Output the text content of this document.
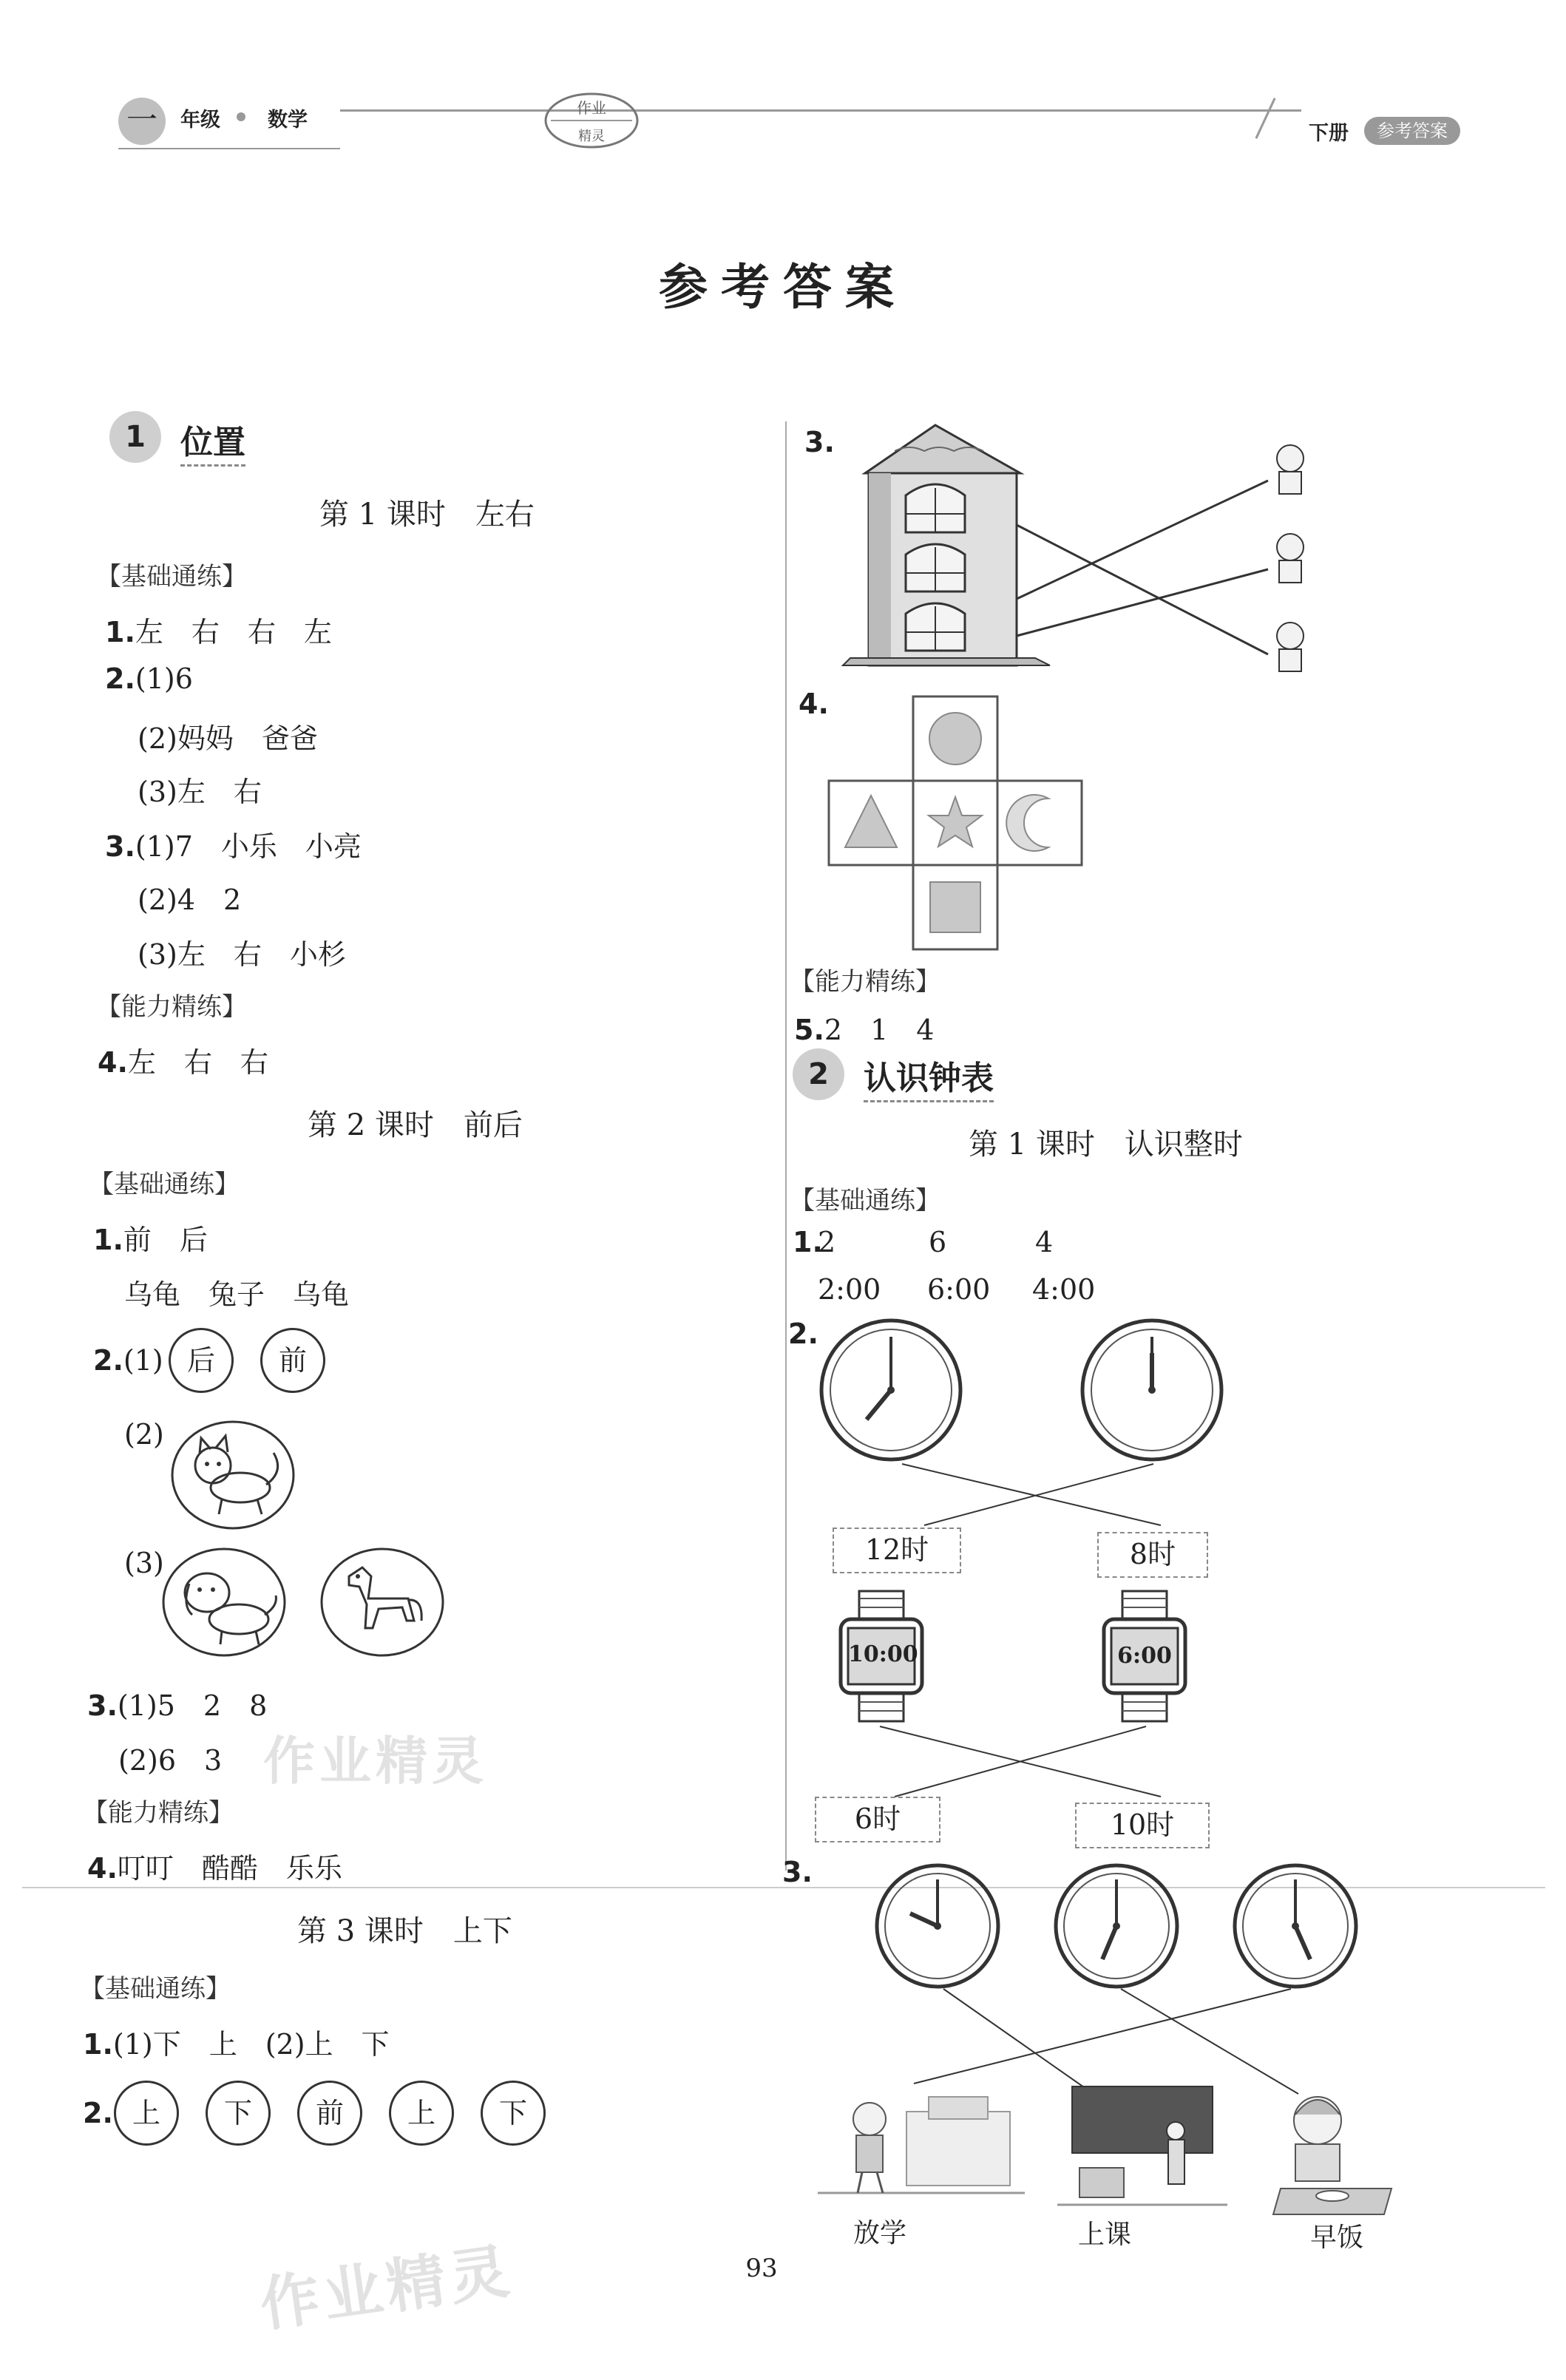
一	年级 数学
作业
精灵	下册	参考答案
参考答案
1	位置
第 1 课时　左右
【基础通练】
1.左　右　右　左
2.(1)6
(2)妈妈　爸爸
(3)左　右
3.(1)7　小乐　小亮
(2)4　2
(3)左　右　小杉
【能力精练】
4.左　右　右
第 2 课时　前后
【基础通练】
1.前　后
乌龟　兔子　乌龟
2.(1) 后	前
(2)
(3)
3.(1)5　2　8
(2)6　3 作业精灵
【能力精练】
4.叮叮　酷酷　乐乐
第 3 课时　上下
【基础通练】
1.(1)下　上　(2)上　下
2. 上	下	前	上	下
作业精灵
3.
4.
【能力精练】
5.2　1　4
2	认识钟表
第 1 课时　认识整时
【基础通练】
1.
2	6	4
2:00 6:00 4:00
2.
12时	8时
10:00	6:00
6时	10时
3.
放学	上课	早饭
93
